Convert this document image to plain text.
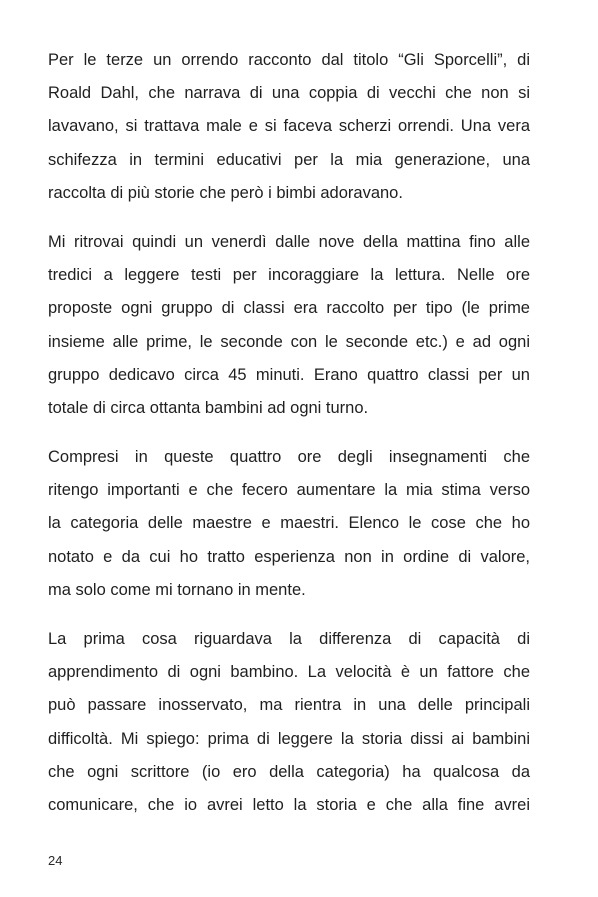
Per le terze un orrendo racconto dal titolo “Gli Sporcelli”, di
Roald Dahl, che narrava di una coppia di vecchi che non si
lavavano, si trattava male e si faceva scherzi orrendi. Una vera
schifezza in termini educativi per la mia generazione, una
raccolta di più storie che però i bimbi adoravano.

Mi ritrovai quindi un venerdì dalle nove della mattina fino alle
tredici a leggere testi per incoraggiare la lettura. Nelle ore
proposte ogni gruppo di classi era raccolto per tipo (le prime
insieme alle prime, le seconde con le seconde etc.) e ad ogni
gruppo dedicavo circa 45 minuti. Erano quattro classi per un
totale di circa ottanta bambini ad ogni turno.

Compresi in queste quattro ore degli insegnamenti che
ritengo importanti e che fecero aumentare la mia stima verso
la categoria delle maestre e maestri. Elenco le cose che ho
notato e da cui ho tratto esperienza non in ordine di valore,
ma solo come mi tornano in mente.

La prima cosa riguardava la differenza di capacità di
apprendimento di ogni bambino. La velocità è un fattore che
può passare inosservato, ma rientra in una delle principali
difficoltà. Mi spiego: prima di leggere la storia dissi ai bambini
che ogni scrittore (io ero della categoria) ha qualcosa da
comunicare, che io avrei letto la storia e che alla fine avrei

24
